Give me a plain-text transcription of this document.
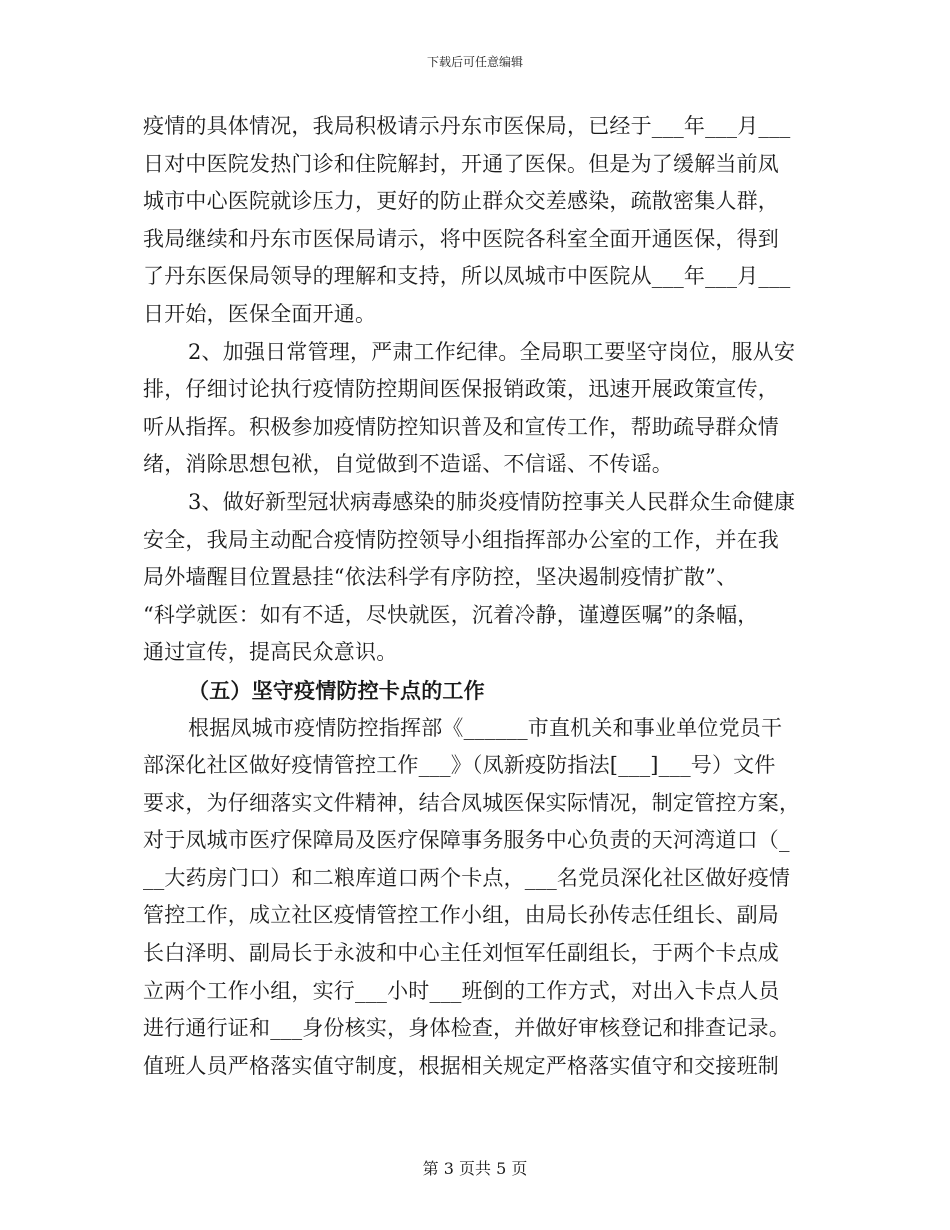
下载后可任意编辑
疫情的具体情况，我局积极请示丹东市医保局，已经于___年___月___
日对中医院发热门诊和住院解封，开通了医保。但是为了缓解当前凤
城市中心医院就诊压力，更好的防止群众交差感染，疏散密集人群，
我局继续和丹东市医保局请示，将中医院各科室全面开通医保，得到
了丹东医保局领导的理解和支持，所以凤城市中医院从___年___月___
日开始，医保全面开通。
2、加强日常管理，严肃工作纪律。全局职工要坚守岗位，服从安
排，仔细讨论执行疫情防控期间医保报销政策，迅速开展政策宣传，
听从指挥。积极参加疫情防控知识普及和宣传工作，帮助疏导群众情
绪，消除思想包袱，自觉做到不造谣、不信谣、不传谣。
3、做好新型冠状病毒感染的肺炎疫情防控事关人民群众生命健康
安全，我局主动配合疫情防控领导小组指挥部办公室的工作，并在我
局外墙醒目位置悬挂“依法科学有序防控，坚决遏制疫情扩散”、
“科学就医：如有不适，尽快就医，沉着冷静，谨遵医嘱”的条幅，
通过宣传，提高民众意识。
（五）坚守疫情防控卡点的工作
根据凤城市疫情防控指挥部《______市直机关和事业单位党员干
部深化社区做好疫情管控工作___》（凤新疫防指法[___]___号）文件
要求，为仔细落实文件精神，结合凤城医保实际情况，制定管控方案，
对于凤城市医疗保障局及医疗保障事务服务中心负责的天河湾道口（_
__大药房门口）和二粮库道口两个卡点，___名党员深化社区做好疫情
管控工作，成立社区疫情管控工作小组，由局长孙传志任组长、副局
长白泽明、副局长于永波和中心主任刘恒军任副组长，于两个卡点成
立两个工作小组，实行___小时___班倒的工作方式，对出入卡点人员
进行通行证和___身份核实，身体检查，并做好审核登记和排查记录。
值班人员严格落实值守制度，根据相关规定严格落实值守和交接班制
第 3 页共 5 页
